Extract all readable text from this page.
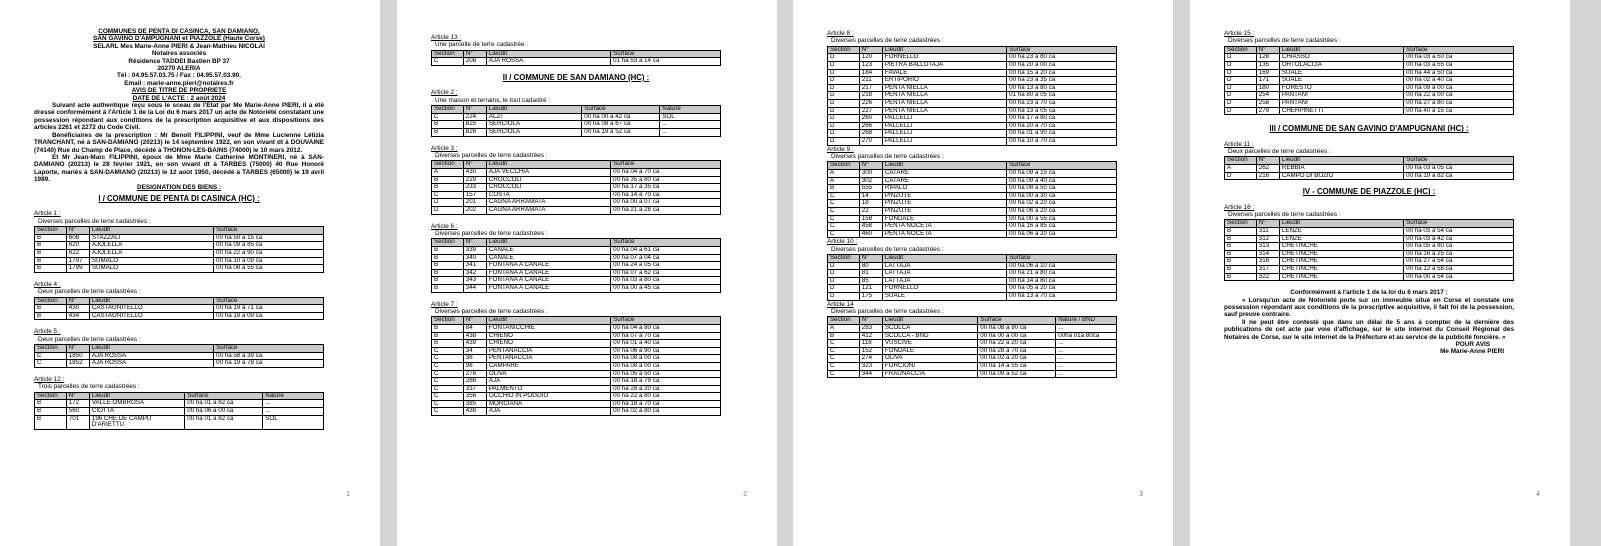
COMMUNES DE PENTA DI CASINCA, SAN DAMIANO,
SAN GAVINO D'AMPUGNANI et PIAZZOLE (Haute Corse)
SELARL Mes Marie-Anne PIERI & Jean-Mathieu NICOLAI
Notaires associés
Résidence TADDEI Bastien BP 37
20270 ALERIA
Tél : 04.95.57.03.75 / Fax : 04.95.57.03.90.
Email : marie-anne.pieri@notaires.fr
AVIS DE TITRE DE PROPRIETE
DATE DE L'ACTE : 2 août 2024
Suivant acte authentique reçu sous le sceau de l'Etat par Me Marie-Anne PIERI, il a été dressé conformément à l'Article 1 de la Loi du 6 mars 2017 un acte de Notoriété constatant une possession répondant aux conditions de la prescription acquisitive et aux dispositions des articles 2261 et 2272 du Code Civil.
Bénéficiaires de la prescription : Mr Benoît FILIPPINI, veuf de Mme Lucienne Létizia TRANCHANT, né à SAN-DAMIANO (20213) le 14 septembre 1922, en son vivant dt à DOUVAINE (74140) Rue du Champ de Place, décédé à THONON-LES-BAINS (74000) le 10 mars 2012.
Et Mr Jean-Marc FILIPPINI, époux de Mme Marie Catherine MONTINERI, né à SAN-DAMIANO (20213) le 28 février 1921, en son vivant dt à TARBES (75000) 40 Rue Honoré Laporte, mariés à SAN-DAMIANO (20213) le 12 août 1950, décédé à TARBES (65000) le 19 avril 1989.
DESIGNATION DES BIENS :
I / COMMUNE DE PENTA DI CASINCA (HC) :
Article 1 :
Diverses parcelles de terre cadastrées :
Section	N°	Lieudit	Surface
B	608	STAZZALI	00 ha 50 a 15 ca
B	620	AJOLELLA	00 ha 09 a 85 ca
B	622	AJOLELLA	00 ha 22 a 90 ca
B	1797	SUMALO	00 ha 10 a 09 ca
B	1799	SUMALO	00 ha 08 a 55 ca
Article 4 :
Deux parcelles de terre cadastrées :
Section	N°	Lieudit	Surface
B	430	CASTAGNITELLO	00 ha 19 a 71 ca
B	434	CASTAGNITELLO	00 ha 18 a 09 ca
Article 5 :
Deux parcelles de terre cadastrées :
Section	N°	Lieudit	Surface
C	1850	AJA ROSSA	00 ha 58 a 39 ca
C	1852	AJA ROSSA	00 ha 19 a 78 ca
Article 12 :
Trois parcelles de terre cadastrées :
Section	N°	Lieudit	Surface	Nature
B	172	VALLE OMBROSA	00 ha 01 a 82 ca	...
B	560	CIOTTA	00 ha 06 a 00 ca	...
B	701	196 CHE DE CAMPU D'ARIETTU	00 ha 01 a 82 ca	SOL
1
Article 13 :
Une parcelle de terre cadastrée :
Section	N°	Lieudit	Surface
C	208	AJA ROSSA	01 ha 53 a 14 ca
II / COMMUNE DE SAN DAMIANO (HC) :
Article 2 :
Une maison et terrains, le tout cadastré :
Section	N°	Lieudit	Surface	Nature
C	224	ALZI	00 ha 00 a 42 ca	SOL
B	825	SERCIOLA	00 ha 08 a 67 ca	...
B	826	SERCIOLA	00 ha 19 a 52 ca	...
Article 3 :
Diverses parcelles de terre cadastrées :
Section	N°	Lieudit	Surface
A	430	AJA VECCHIA	00 ha 04 a 70 ca
B	229	CROCCOLI	00 ha 35 a 80 ca
B	233	CROCCOLI	00 ha 17 a 35 ca
C	157	COSTA	00 ha 14 a 70 ca
D	201	CAGNA ARRAMATA	00 ha 00 a 07 ca
D	202	CAGNA ARRAMATA	00 ha 21 a 28 ca
Article 6 :
Diverses parcelles de terre cadastrées :
Section	N°	Lieudit	Surface
B	339	CANALE	00 ha 04 a 61 ca
B	340	CANALE	00 ha 07 a 04 ca
B	341	FONTANA A CANALE	00 ha 24 a 05 ca
B	342	FONTANA A CANALE	00 ha 07 a 62 ca
B	343	FONTANA A CANALE	00 ha 03 a 80 ca
B	344	FONTANA A CANALE	00 ha 00 a 45 ca
Article 7 :
Diverses parcelles de terre cadastrées :
Section	N°	Lieudit	Surface
B	84	FONTANICCHIE	00 ha 04 a 80 ca
B	438	CHIENO	00 ha 07 a 70 ca
B	439	CHIENO	00 ha 01 a 40 ca
C	34	PENTANACCIA	00 ha 06 a 90 ca
C	38	PENTANACCIA	00 ha 08 a 00 ca
C	98	CAMPARE	00 ha 08 a 00 ca
C	276	OLIVA	00 ha 05 a 50 ca
C	286	AJA	00 ha 18 a 79 ca
C	337	PALMENTO	00 ha 28 a 20 ca
C	356	OCCHIO IN POGGIO	00 ha 22 a 80 ca
C	385	MORCIANA	00 ha 18 a 70 ca
C	438	AJA	00 ha 02 a 80 ca
2
Article 8 :
Diverses parcelles de terre cadastrées :
Section	N°	Lieudit	Surface
D	120	FORNELLO	00 ha 23 a 80 ca
D	123	PIETRA BALLOTAJA	00 ha 20 a 00 ca
D	184	FAVALE	00 ha 15 a 20 ca
D	211	ERTIPORIO	00 ha 23 a 35 ca
D	217	PENTA NIELLA	00 ha 13 a 80 ca
D	218	PENTA NIELLA	01 ha 80 a 05 ca
D	226	PENTA NIELLA	00 ha 23 a 70 ca
D	227	PENTA NIELLA	00 ha 13 a 05 ca
D	260	PALLELLI	00 ha 17 a 80 ca
D	266	PALLELLI	00 ha 20 a 70 ca
D	268	PALLELLI	00 ha 01 a 90 ca
D	270	PALLELLI	00 ha 10 a 70 ca
Article 9 :
Diverses parcelles de terre cadastrées :
Section	N°	Lieudit	Surface
A	300	CATARE	00 ha 09 a 15 ca
A	302	CATARE	00 ha 09 a 40 ca
B	555	RIPALO	00 ha 08 a 50 ca
C	14	PINZUTE	00 ha 00 a 30 ca
C	18	PINZUTE	00 ha 02 a 20 ca
C	22	PINZUTE	00 ha 06 a 20 ca
C	158	FONDALE	00 ha 00 a 55 ca
C	458	PENTA NOCETA	00 ha 16 a 85 ca
C	460	PENTA NOCETA	00 ha 06 a 20 ca
Article 10 :
Diverses parcelles de terre cadastrées :
Section	N°	Lieudit	Surface
D	80	LATTAJA	00 ha 06 a 10 ca
D	81	LATTAJA	00 ha 21 a 80 ca
D	85	LATTAJA	00 ha 14 a 80 ca
D	121	FORNELLO	00 ha 05 a 20 ca
D	175	SUALE	00 ha 13 a 70 ca
Article 14
Diverses parcelles de terre cadastrées :
Section	N°	Lieudit	Surface	Nature / BND
A	283	SCOLCA	00 ha 08 a 90 ca	...
B	412	SCOLCA - BND	00 ha 00 a 00 ca	00ha 01a 80ca
C	118	VUSCIVE	00 ha 22 a 20 ca	...
C	152	FONDALE	00 ha 28 a 70 ca	...
C	274	OLIVA	00 ha 02 a 20 ca	...
C	323	FORCIONI	00 ha 14 a 55 ca	...
C	344	FRAUNACCIA	00 ha 09 a 52 ca	...
3
Article 15 :
Diverses parcelles de terre cadastrées :
Section	N°	Lieudit	Surface
D	128	CHIASSO	00 ha 03 a 50 ca
D	135	ORTOLACCIA	00 ha 03 a 55 ca
D	169	SUALE	00 ha 44 a 50 ca
D	171	SUALE	00 ha 02 a 40 ca
D	180	FORESTO	00 ha 09 a 00 ca
D	254	PANTANI	00 ha 22 a 00 ca
D	258	PANTANI	00 ha 27 a 80 ca
D	279	CHERPINETTI	00 ha 40 a 15 ca
III / COMMUNE DE SAN GAVINO D'AMPUGNANI (HC) :
Article 11 :
Deux parcelles de terre cadastrées :
Section	N°	Lieudit	Surface
A	262	REBBIA	00 ha 03 a 05 ca
D	216	CAMPO DI BOZIO	00 ha 19 a 82 ca
IV - COMMUNE DE PIAZZOLE (HC) :
Article 16 :
Diverses parcelles de terre cadastrées :
Section	N°	Lieudit	Surface
B	311	LENZE	00 ha 03 a 54 ca
B	312	LENZE	00 ha 03 a 42 ca
B	313	CHETINCHE	00 ha 05 a 80 ca
B	314	CHETINCHE	00 ha 16 a 25 ca
B	316	CHETINCHE	00 ha 27 a 54 ca
B	317	CHETINCHE	00 ha 12 a 58 ca
B	322	CHETINCHE	00 ha 00 a 54 ca
Conformément à l'article 1 de la loi du 6 mars 2017 :
« Lorsqu'un acte de Notoriété porte sur un immeuble situé en Corse et constate une possession répondant aux conditions de la prescriptive acquisitive, il fait foi de la possession, sauf preuve contraire.
Il ne peut être contesté que dans un délai de 5 ans à compter de la dernière des publications de cet acte par voie d'affichage, sur le site internet du Conseil Régional des Notaires de Corse, sur le site internet de la Préfecture et au service de la publicité foncière. »
POUR AVIS
Me Marie-Anne PIERI
4
